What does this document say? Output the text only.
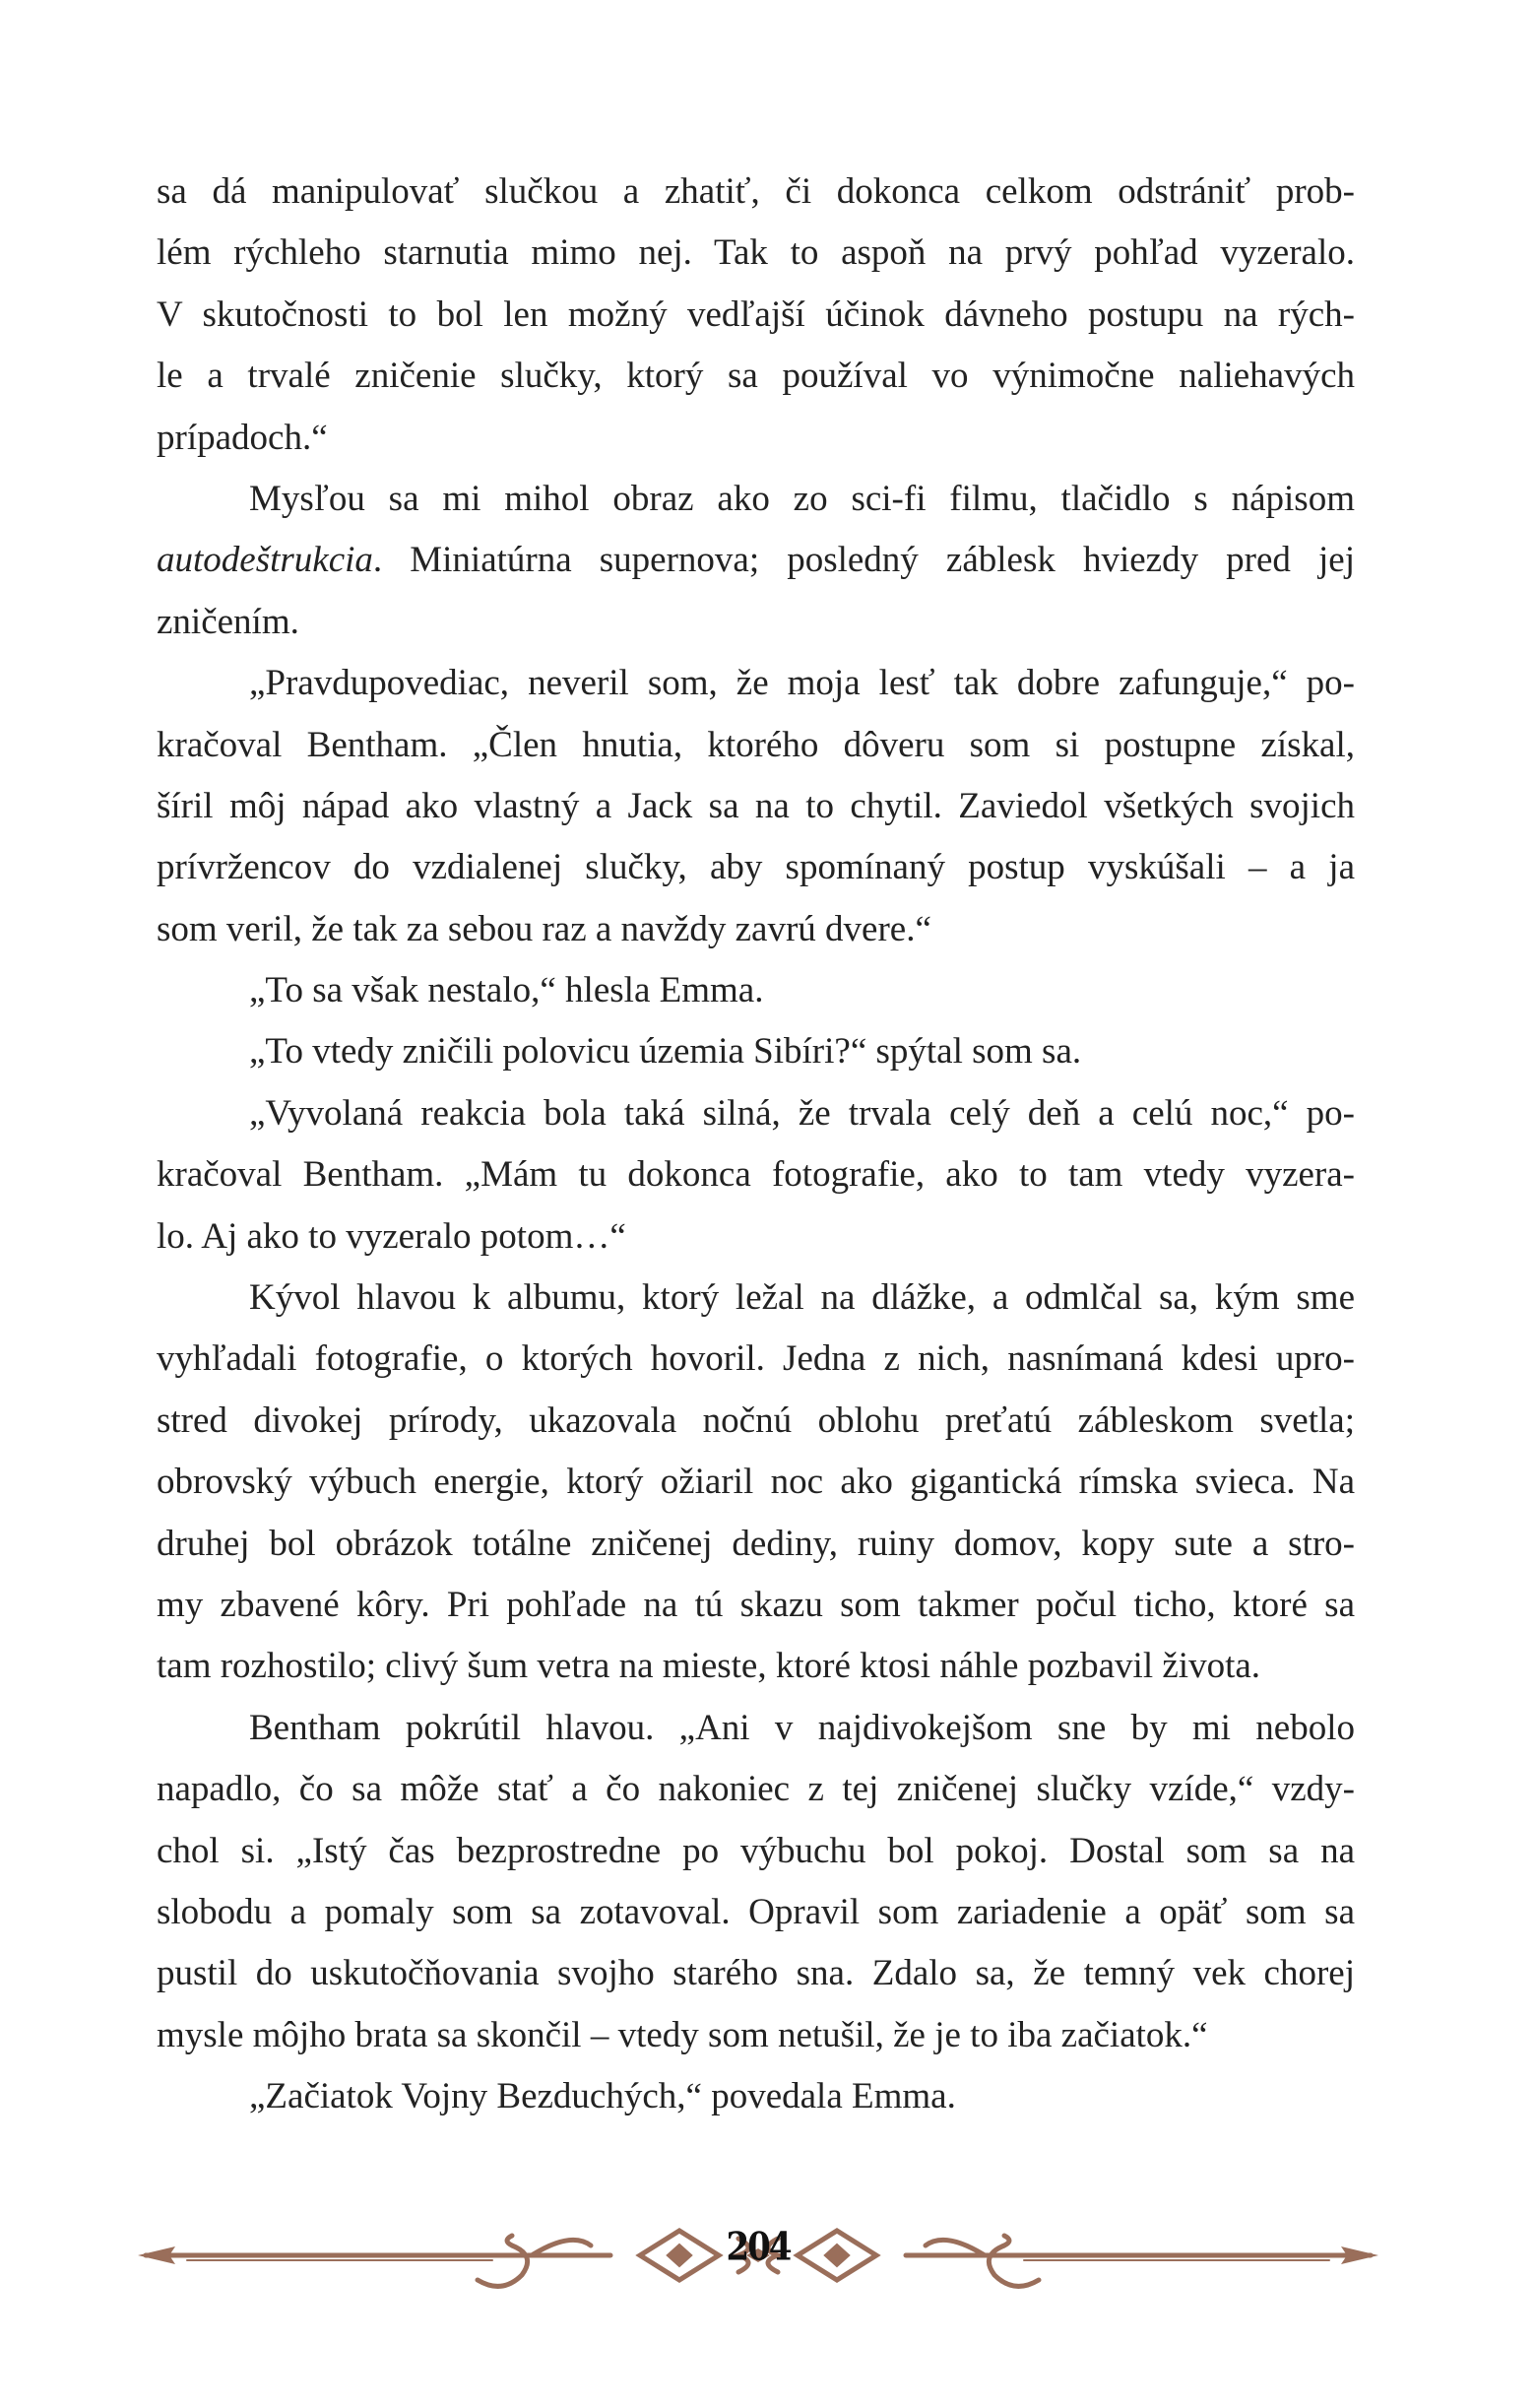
sa dá manipulovať slučkou a zhatiť, či dokonca celkom odstrániť prob-
lém rýchleho starnutia mimo nej. Tak to aspoň na prvý pohľad vyzeralo.
V skutočnosti to bol len možný vedľajší účinok dávneho postupu na rých-
le a trvalé zničenie slučky, ktorý sa používal vo výnimočne naliehavých
prípadoch.“
Mysľou sa mi mihol obraz ako zo sci-fi filmu, tlačidlo s nápisom
autodeštrukcia. Miniatúrna supernova; posledný záblesk hviezdy pred jej
zničením.
„Pravdupovediac, neveril som, že moja lesť tak dobre zafunguje,“ po-
kračoval Bentham. „Člen hnutia, ktorého dôveru som si postupne získal,
šíril môj nápad ako vlastný a Jack sa na to chytil. Zaviedol všetkých svojich
prívržencov do vzdialenej slučky, aby spomínaný postup vyskúšali – a ja
som veril, že tak za sebou raz a navždy zavrú dvere.“
„To sa však nestalo,“ hlesla Emma.
„To vtedy zničili polovicu územia Sibíri?“ spýtal som sa.
„Vyvolaná reakcia bola taká silná, že trvala celý deň a celú noc,“ po-
kračoval Bentham. „Mám tu dokonca fotografie, ako to tam vtedy vyzera-
lo. Aj ako to vyzeralo potom…“
Kývol hlavou k albumu, ktorý ležal na dlážke, a odmlčal sa, kým sme
vyhľadali fotografie, o ktorých hovoril. Jedna z nich, nasnímaná kdesi upro-
stred divokej prírody, ukazovala nočnú oblohu preťatú zábleskom svetla;
obrovský výbuch energie, ktorý ožiaril noc ako gigantická rímska svieca. Na
druhej bol obrázok totálne zničenej dediny, ruiny domov, kopy sute a stro-
my zbavené kôry. Pri pohľade na tú skazu som takmer počul ticho, ktoré sa
tam rozhostilo; clivý šum vetra na mieste, ktoré ktosi náhle pozbavil života.
Bentham pokrútil hlavou. „Ani v najdivokejšom sne by mi nebolo
napadlo, čo sa môže stať a čo nakoniec z tej zničenej slučky vzíde,“ vzdy-
chol si. „Istý čas bezprostredne po výbuchu bol pokoj. Dostal som sa na
slobodu a pomaly som sa zotavoval. Opravil som zariadenie a opäť som sa
pustil do uskutočňovania svojho starého sna. Zdalo sa, že temný vek chorej
mysle môjho brata sa skončil – vtedy som netušil, že je to iba začiatok.“
„Začiatok Vojny Bezduchých,“ povedala Emma.
204
